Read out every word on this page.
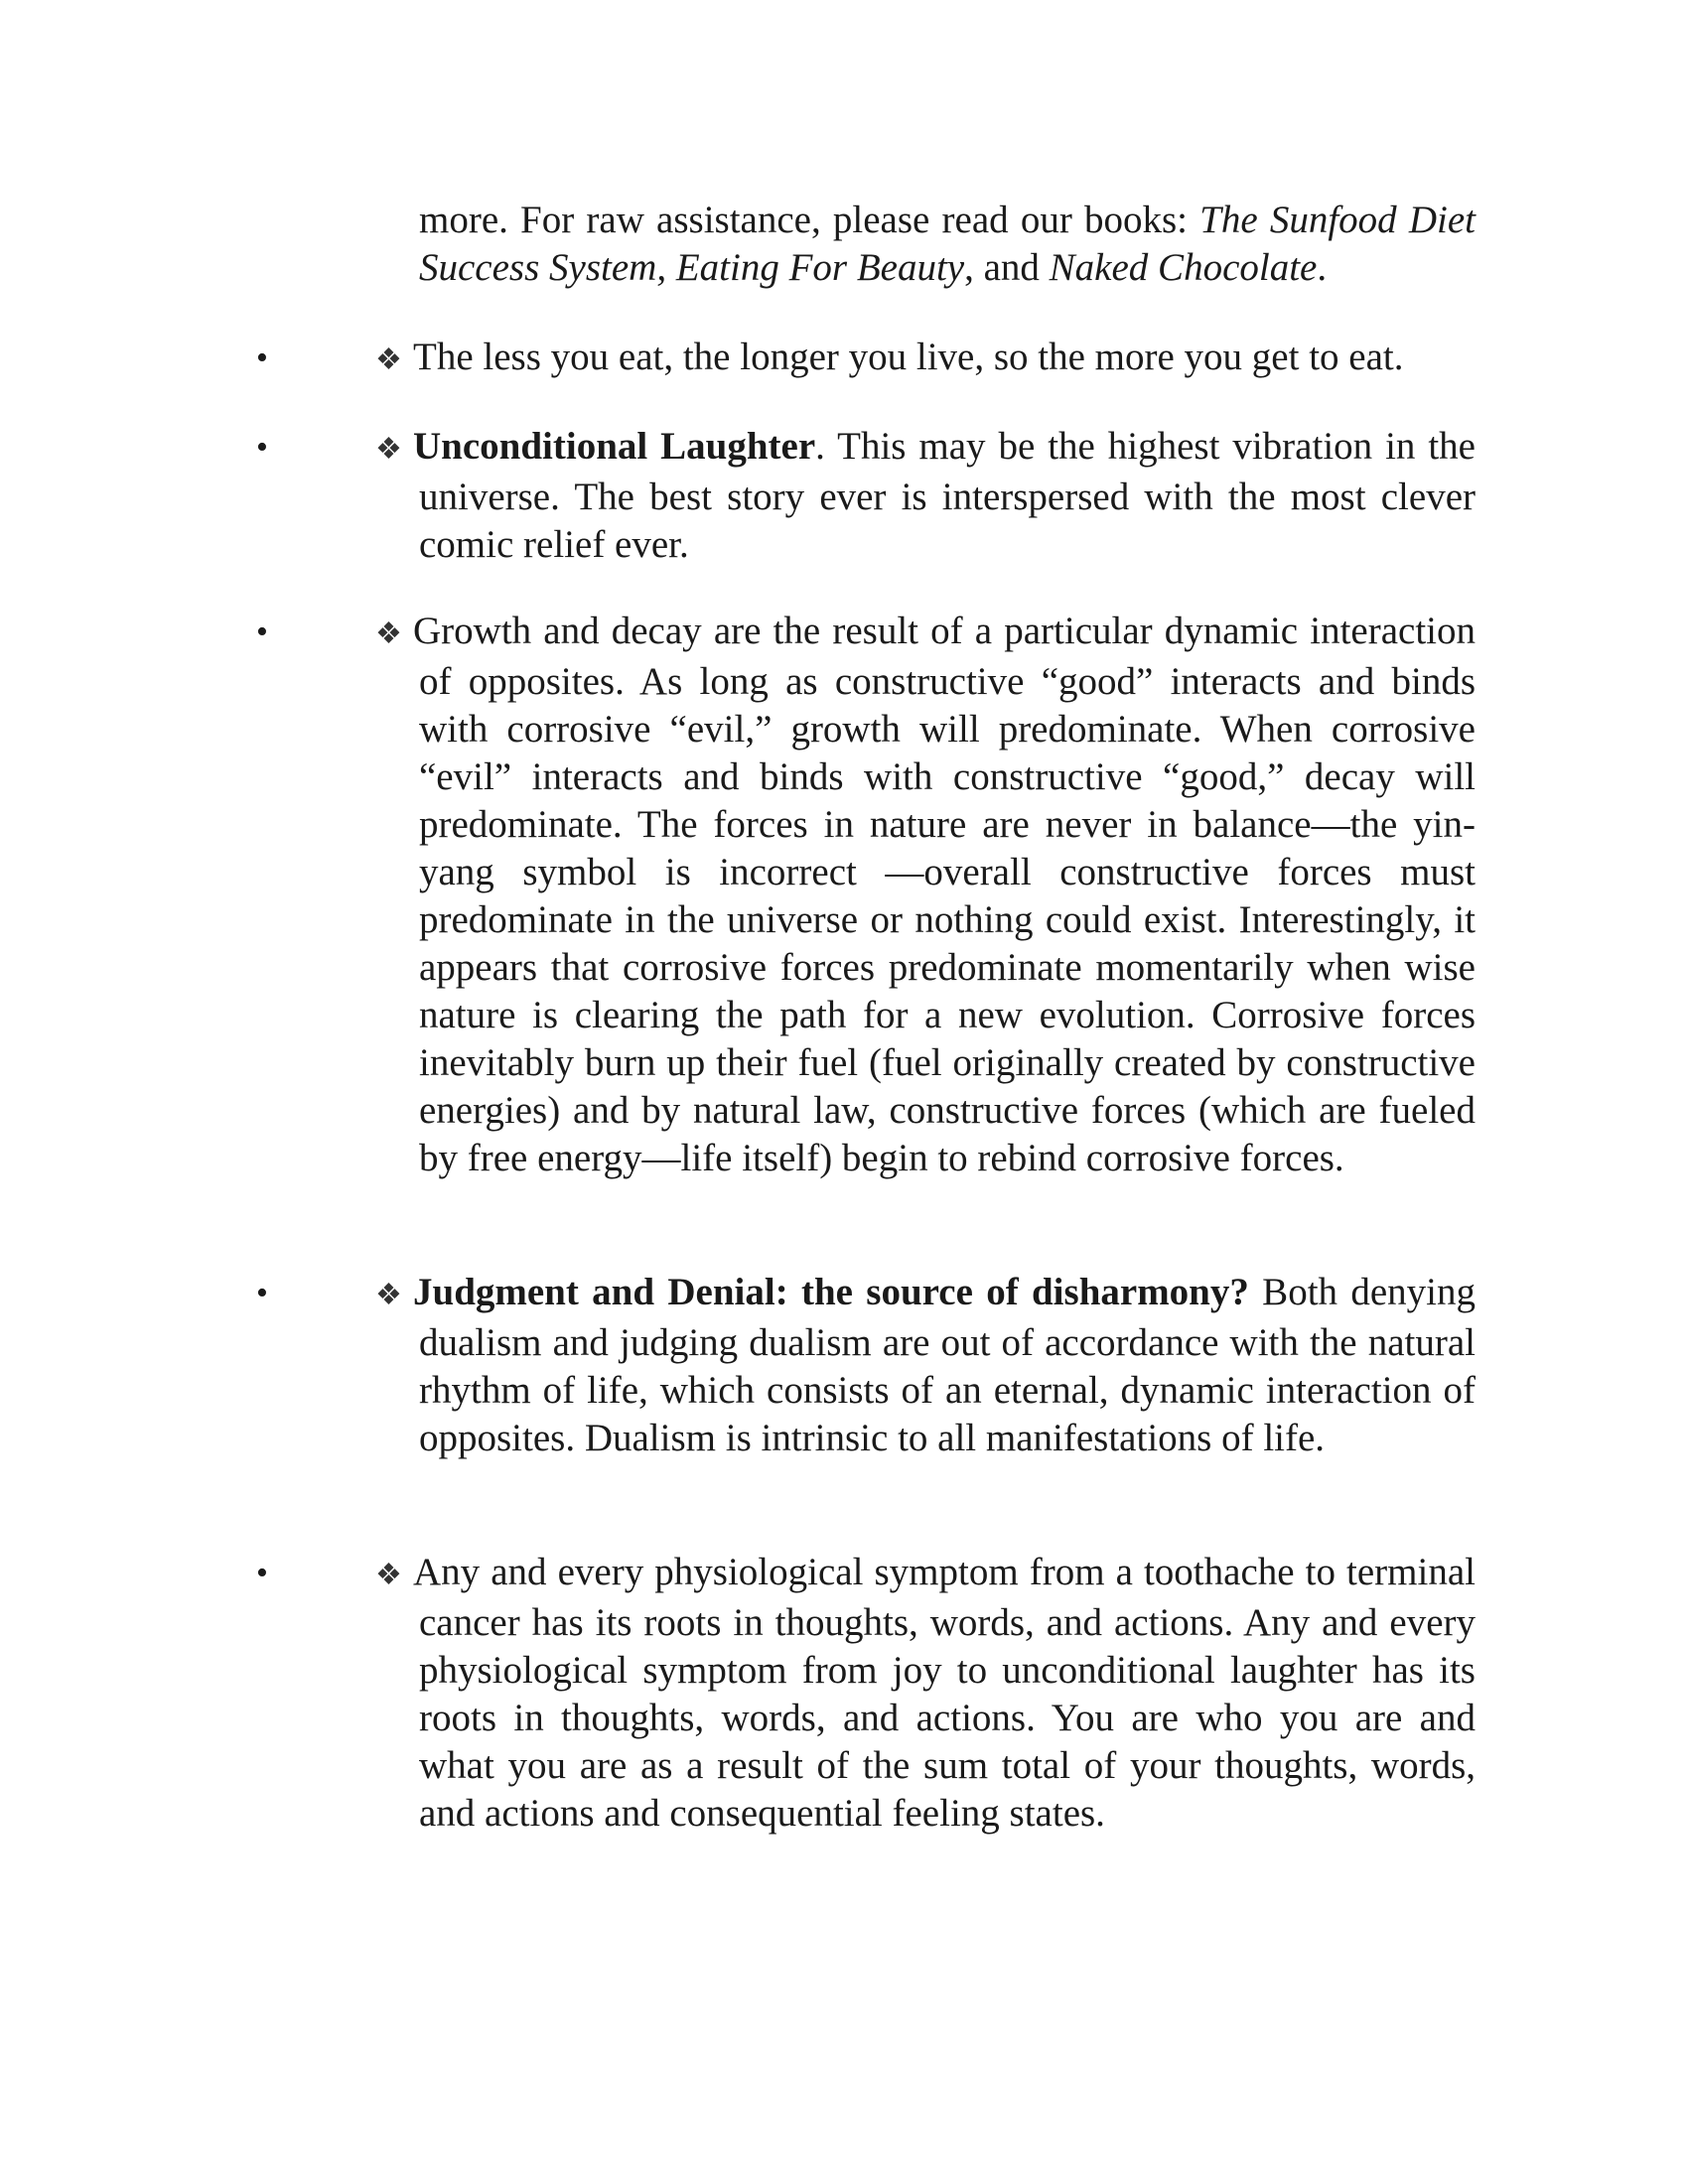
more. For raw assistance, please read our books: The Sunfood Diet Success System, Eating For Beauty, and Naked Chocolate.
•	❖ The less you eat, the longer you live, so the more you get to eat.
•	❖ Unconditional Laughter. This may be the highest vibration in the universe. The best story ever is interspersed with the most clever comic relief ever.
•	❖ Growth and decay are the result of a particular dynamic interaction of opposites. As long as constructive “good” interacts and binds with corrosive “evil,” growth will predominate. When corrosive “evil” interacts and binds with constructive “good,” decay will predominate. The forces in nature are never in balance—the yin-yang symbol is incorrect —overall constructive forces must predominate in the universe or nothing could exist. Interestingly, it appears that corrosive forces predominate momentarily when wise nature is clearing the path for a new evolution. Corrosive forces inevitably burn up their fuel (fuel originally created by constructive energies) and by natural law, constructive forces (which are fueled by free energy—life itself) begin to rebind corrosive forces.
•	❖ Judgment and Denial: the source of disharmony? Both denying dualism and judging dualism are out of accordance with the natural rhythm of life, which consists of an eternal, dynamic interaction of opposites. Dualism is intrinsic to all manifestations of life.
•	❖ Any and every physiological symptom from a toothache to terminal cancer has its roots in thoughts, words, and actions. Any and every physiological symptom from joy to unconditional laughter has its roots in thoughts, words, and actions. You are who you are and what you are as a result of the sum total of your thoughts, words, and actions and consequential feeling states.
